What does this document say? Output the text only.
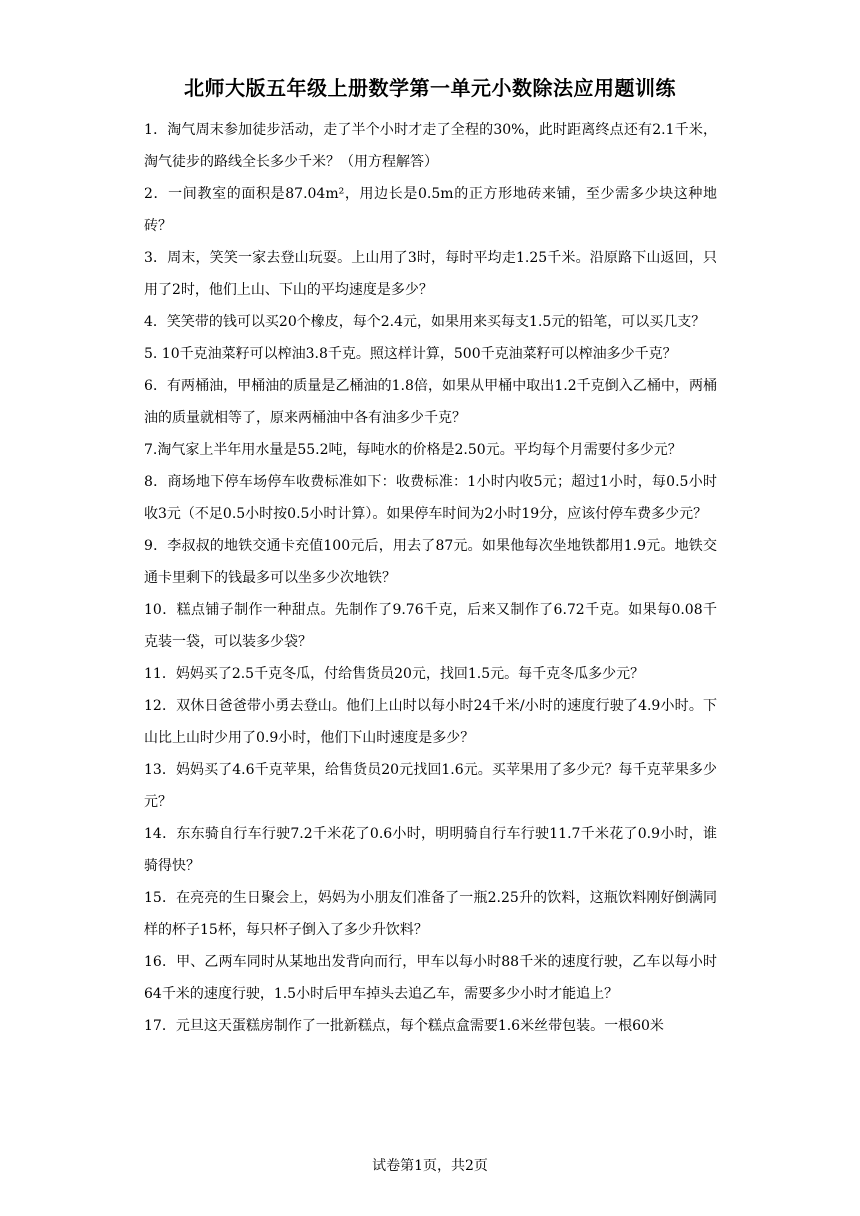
北师大版五年级上册数学第一单元小数除法应用题训练

1．淘气周末参加徒步活动，走了半个小时才走了全程的30%，此时距离终点还有2.1千米，淘气徒步的路线全长多少千米？（用方程解答）

2．一间教室的面积是87.04m²，用边长是0.5m的正方形地砖来铺，至少需多少块这种地砖？

3．周末，笑笑一家去登山玩耍。上山用了3时，每时平均走1.25千米。沿原路下山返回，只用了2时，他们上山、下山的平均速度是多少？

4．笑笑带的钱可以买20个橡皮，每个2.4元，如果用来买每支1.5元的铅笔，可以买几支？

5. 10千克油菜籽可以榨油3.8千克。照这样计算，500千克油菜籽可以榨油多少千克？

6．有两桶油，甲桶油的质量是乙桶油的1.8倍，如果从甲桶中取出1.2千克倒入乙桶中，两桶油的质量就相等了，原来两桶油中各有油多少千克？

7.淘气家上半年用水量是55.2吨，每吨水的价格是2.50元。平均每个月需要付多少元？

8．商场地下停车场停车收费标准如下：收费标准：1小时内收5元；超过1小时，每0.5小时收3元（不足0.5小时按0.5小时计算）。如果停车时间为2小时19分，应该付停车费多少元？

9．李叔叔的地铁交通卡充值100元后，用去了87元。如果他每次坐地铁都用1.9元。地铁交通卡里剩下的钱最多可以坐多少次地铁？

10．糕点铺子制作一种甜点。先制作了9.76千克，后来又制作了6.72千克。如果每0.08千克装一袋，可以装多少袋？

11．妈妈买了2.5千克冬瓜，付给售货员20元，找回1.5元。每千克冬瓜多少元？

12．双休日爸爸带小勇去登山。他们上山时以每小时24千米/小时的速度行驶了4.9小时。下山比上山时少用了0.9小时，他们下山时速度是多少？

13．妈妈买了4.6千克苹果，给售货员20元找回1.6元。买苹果用了多少元？每千克苹果多少元？

14．东东骑自行车行驶7.2千米花了0.6小时，明明骑自行车行驶11.7千米花了0.9小时，谁骑得快？

15．在亮亮的生日聚会上，妈妈为小朋友们准备了一瓶2.25升的饮料，这瓶饮料刚好倒满同样的杯子15杯，每只杯子倒入了多少升饮料？

16．甲、乙两车同时从某地出发背向而行，甲车以每小时88千米的速度行驶，乙车以每小时64千米的速度行驶，1.5小时后甲车掉头去追乙车，需要多少小时才能追上？

17．元旦这天蛋糕房制作了一批新糕点，每个糕点盒需要1.6米丝带包装。一根60米

试卷第1页，共2页
